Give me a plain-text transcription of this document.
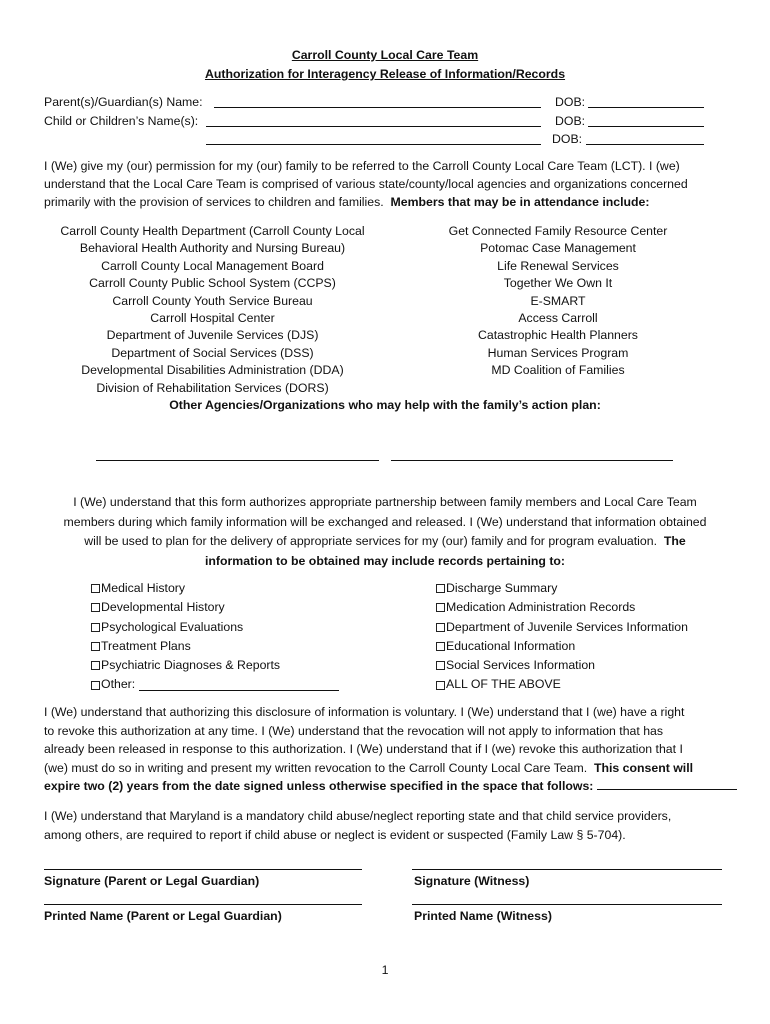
Carroll County Local Care Team
Authorization for Interagency Release of Information/Records
Parent(s)/Guardian(s) Name:	DOB:
Child or Children’s Name(s):	DOB:
DOB:
I (We) give my (our) permission for my (our) family to be referred to the Carroll County Local Care Team (LCT). I (we)
understand that the Local Care Team is comprised of various state/county/local agencies and organizations concerned
primarily with the provision of services to children and families. Members that may be in attendance include:
Carroll County Health Department (Carroll County Local
Behavioral Health Authority and Nursing Bureau)
Carroll County Local Management Board
Carroll County Public School System (CCPS)
Carroll County Youth Service Bureau
Carroll Hospital Center
Department of Juvenile Services (DJS)
Department of Social Services (DSS)
Developmental Disabilities Administration (DDA)
Division of Rehabilitation Services (DORS)
Get Connected Family Resource Center
Potomac Case Management
Life Renewal Services
Together We Own It
E-SMART
Access Carroll
Catastrophic Health Planners
Human Services Program
MD Coalition of Families
Other Agencies/Organizations who may help with the family’s action plan:
I (We) understand that this form authorizes appropriate partnership between family members and Local Care Team
members during which family information will be exchanged and released. I (We) understand that information obtained
will be used to plan for the delivery of appropriate services for my (our) family and for program evaluation. The
information to be obtained may include records pertaining to:
Medical History
Developmental History
Psychological Evaluations
Treatment Plans
Psychiatric Diagnoses & Reports
Other:
Discharge Summary
Medication Administration Records
Department of Juvenile Services Information
Educational Information
Social Services Information
ALL OF THE ABOVE
I (We) understand that authorizing this disclosure of information is voluntary. I (We) understand that I (we) have a right
to revoke this authorization at any time. I (We) understand that the revocation will not apply to information that has
already been released in response to this authorization. I (We) understand that if I (we) revoke this authorization that I
(we) must do so in writing and present my written revocation to the Carroll County Local Care Team. This consent will
expire two (2) years from the date signed unless otherwise specified in the space that follows:
I (We) understand that Maryland is a mandatory child abuse/neglect reporting state and that child service providers,
among others, are required to report if child abuse or neglect is evident or suspected (Family Law § 5-704).
Signature (Parent or Legal Guardian)	Signature (Witness)
Printed Name (Parent or Legal Guardian)	Printed Name (Witness)
1
